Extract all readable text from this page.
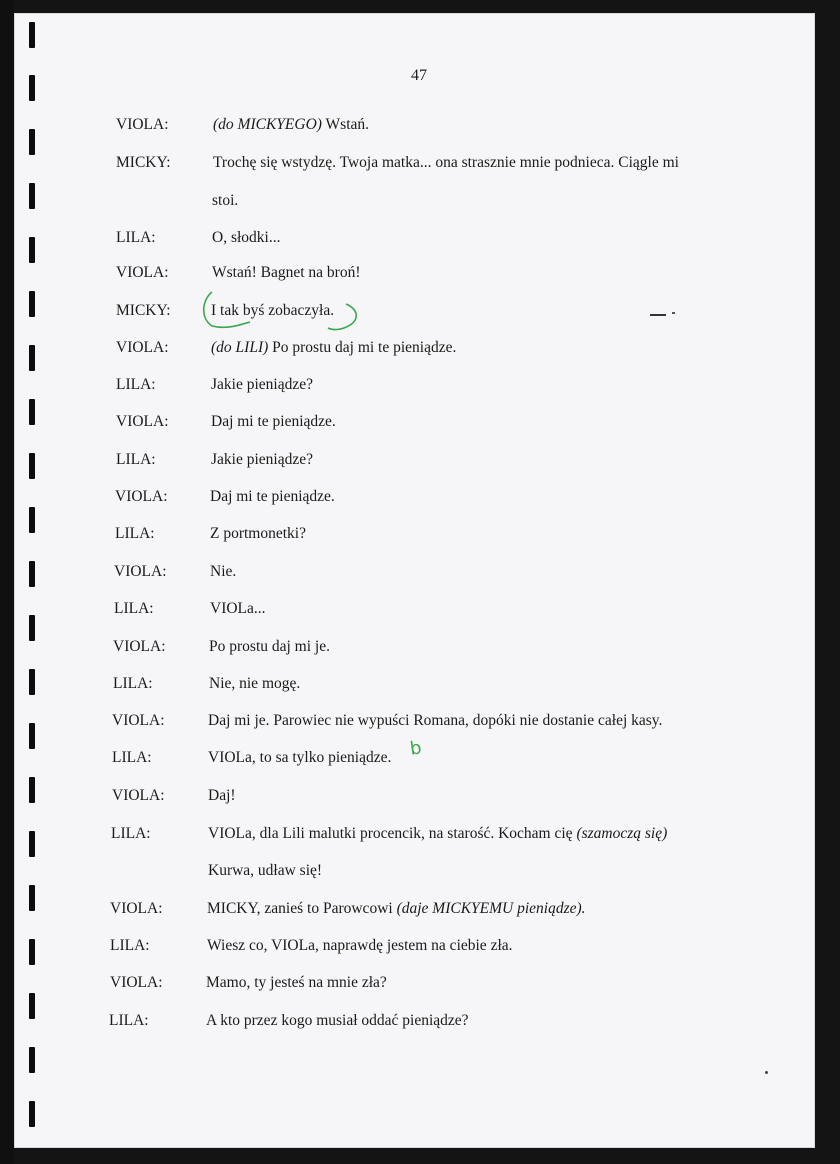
47
VIOLA:	(do MICKYEGO) Wstań.
MICKY:	Trochę się wstydzę. Twoja matka... ona strasznie mnie podnieca. Ciągle mi
stoi.
LILA:	O, słodki...
VIOLA:	Wstań! Bagnet na broń!
MICKY:	I tak byś zobaczyła.
VIOLA:	(do LILI) Po prostu daj mi te pieniądze.
LILA:	Jakie pieniądze?
VIOLA:	Daj mi te pieniądze.
LILA:	Jakie pieniądze?
VIOLA:	Daj mi te pieniądze.
LILA:	Z portmonetki?
VIOLA:	Nie.
LILA:	VIOLa...
VIOLA:	Po prostu daj mi je.
LILA:	Nie, nie mogę.
VIOLA:	Daj mi je. Parowiec nie wypuści Romana, dopóki nie dostanie całej kasy.
LILA:	VIOLa, to sa tylko pieniądze.
VIOLA:	Daj!
LILA:	VIOLa, dla Lili malutki procencik, na starość. Kocham cię (szamoczą się)
Kurwa, udław się!
VIOLA:	MICKY, zanieś to Parowcowi (daje MICKYEMU pieniądze).
LILA:	Wiesz co, VIOLa, naprawdę jestem na ciebie zła.
VIOLA:	Mamo, ty jesteś na mnie zła?
LILA:	A kto przez kogo musiał oddać pieniądze?
b
